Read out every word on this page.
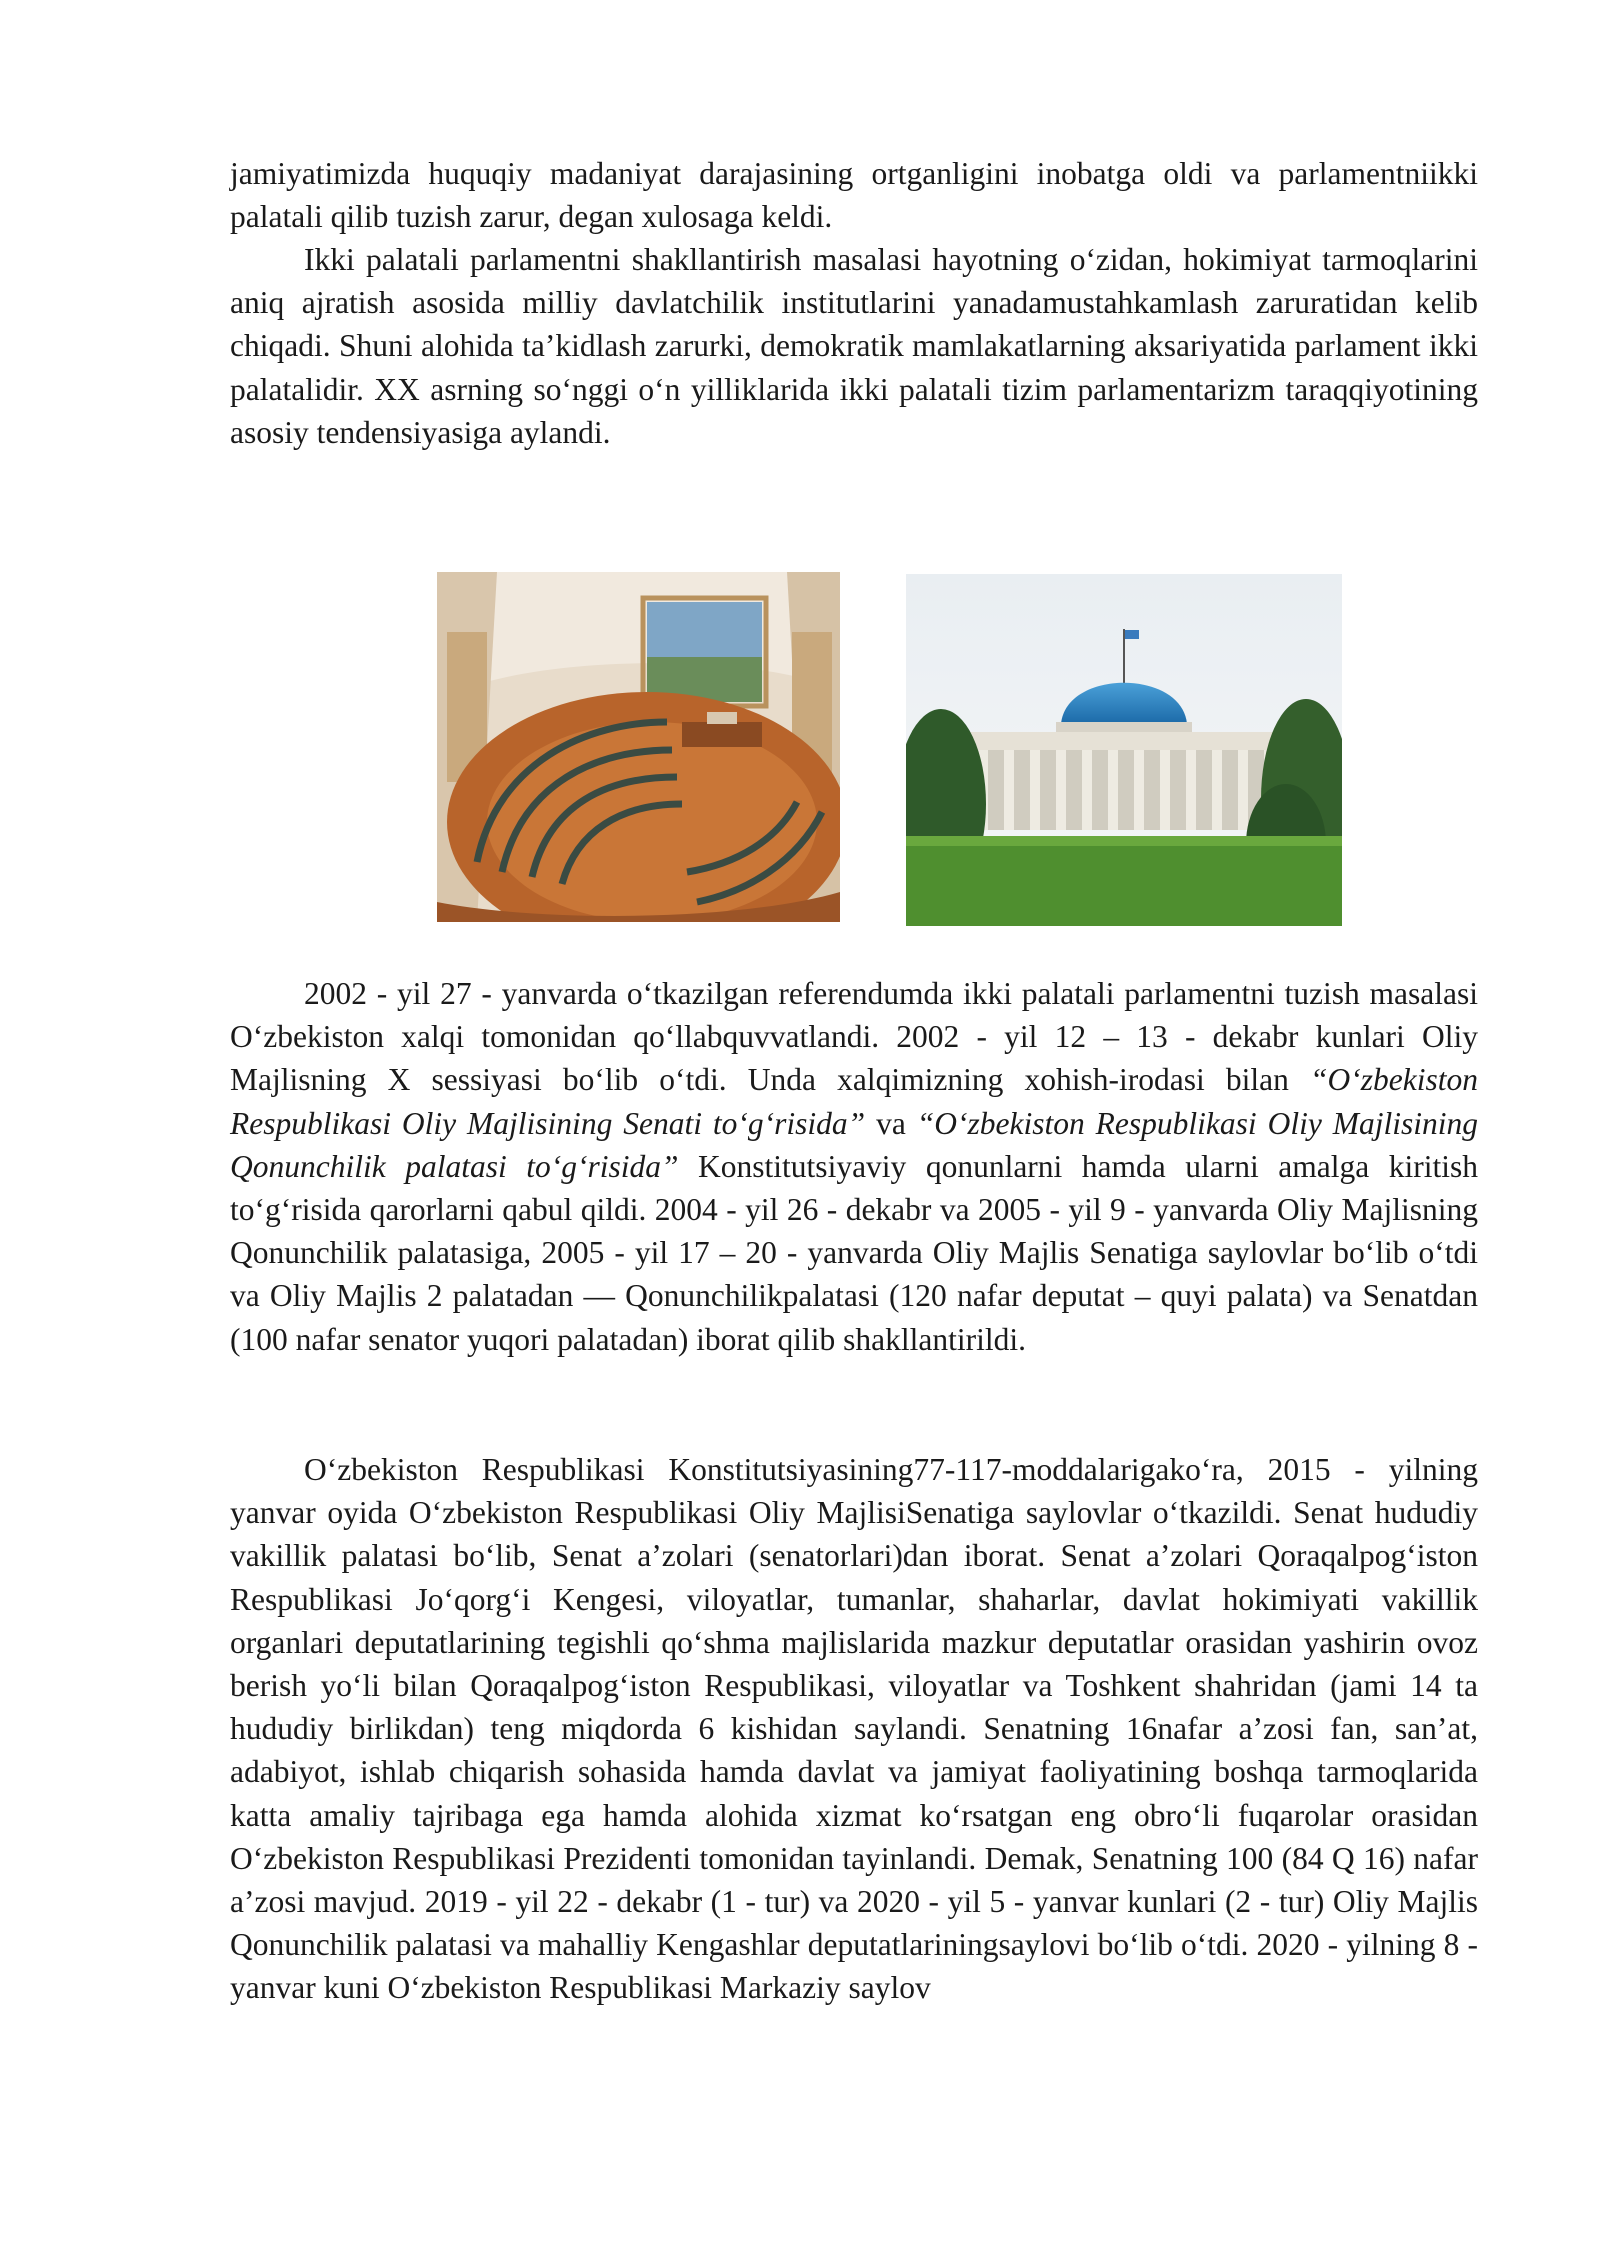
jamiyatimizda huquqiy madaniyat darajasining ortganligini inobatga oldi va parlamentniikki palatali qilib tuzish zarur, degan xulosaga keldi.

Ikki palatali parlamentni shakllantirish masalasi hayotning oʻzidan, hokimiyat tarmoqlarini aniq ajratish asosida milliy davlatchilik institutlarini yanadamustahkamlash zaruratidan kelib chiqadi. Shuni alohida taʼkidlash zarurki, demokratik mamlakatlarning aksariyatida parlament ikki palatalidir. XX asrning soʻnggi oʻn yilliklarida ikki palatali tizim parlamentarizm taraqqiyotining asosiy tendensiyasiga aylandi.

2002 - yil 27 - yanvarda oʻtkazilgan referendumda ikki palatali parlamentni tuzish masalasi Oʻzbekiston xalqi tomonidan qoʻllabquvvatlandi. 2002 - yil 12 – 13 - dekabr kunlari Oliy Majlisning X sessiyasi boʻlib oʻtdi. Unda xalqimizning xohish-irodasi bilan “Oʻzbekiston Respublikasi Oliy Majlisining Senati toʻgʻrisida” va “Oʻzbekiston Respublikasi Oliy Majlisining Qonunchilik palatasi toʻgʻrisida” Konstitutsiyaviy qonunlarni hamda ularni amalga kiritish toʻgʻrisida qarorlarni qabul qildi. 2004 - yil 26 - dekabr va 2005 - yil 9 - yanvarda Oliy Majlisning Qonunchilik palatasiga, 2005 - yil 17 – 20 - yanvarda Oliy Majlis Senatiga saylovlar boʻlib oʻtdi va Oliy Majlis 2 palatadan — Qonunchilikpalatasi (120 nafar deputat – quyi palata) va Senatdan (100 nafar senator yuqori palatadan) iborat qilib shakllantirildi.

Oʻzbekiston Respublikasi Konstitutsiyasining77-117-moddalarigakoʻra, 2015 - yilning yanvar oyida Oʻzbekiston Respublikasi Oliy MajlisiSenatiga saylovlar oʻtkazildi. Senat hududiy vakillik palatasi boʻlib, Senat aʼzolari (senatorlari)dan iborat. Senat aʼzolari Qoraqalpogʻiston Respublikasi Joʻqorgʻi Kengesi, viloyatlar, tumanlar, shaharlar, davlat hokimiyati vakillik organlari deputatlarining tegishli qoʻshma majlislarida mazkur deputatlar orasidan yashirin ovoz berish yoʻli bilan Qoraqalpogʻiston Respublikasi, viloyatlar va Toshkent shahridan (jami 14 ta hududiy birlikdan) teng miqdorda 6 kishidan saylandi. Senatning 16nafar aʼzosi fan, sanʼat, adabiyot, ishlab chiqarish sohasida hamda davlat va jamiyat faoliyatining boshqa tarmoqlarida katta amaliy tajribaga ega hamda alohida xizmat koʻrsatgan eng obroʻli fuqarolar orasidan Oʻzbekiston Respublikasi Prezidenti tomonidan tayinlandi. Demak, Senatning 100 (84 Q 16) nafar aʼzosi mavjud. 2019 - yil 22 - dekabr (1 - tur) va 2020 - yil 5 - yanvar kunlari (2 - tur) Oliy Majlis Qonunchilik palatasi va mahalliy Kengashlar deputatlariningsaylovi boʻlib oʻtdi. 2020 - yilning 8 - yanvar kuni Oʻzbekiston Respublikasi Markaziy saylov
